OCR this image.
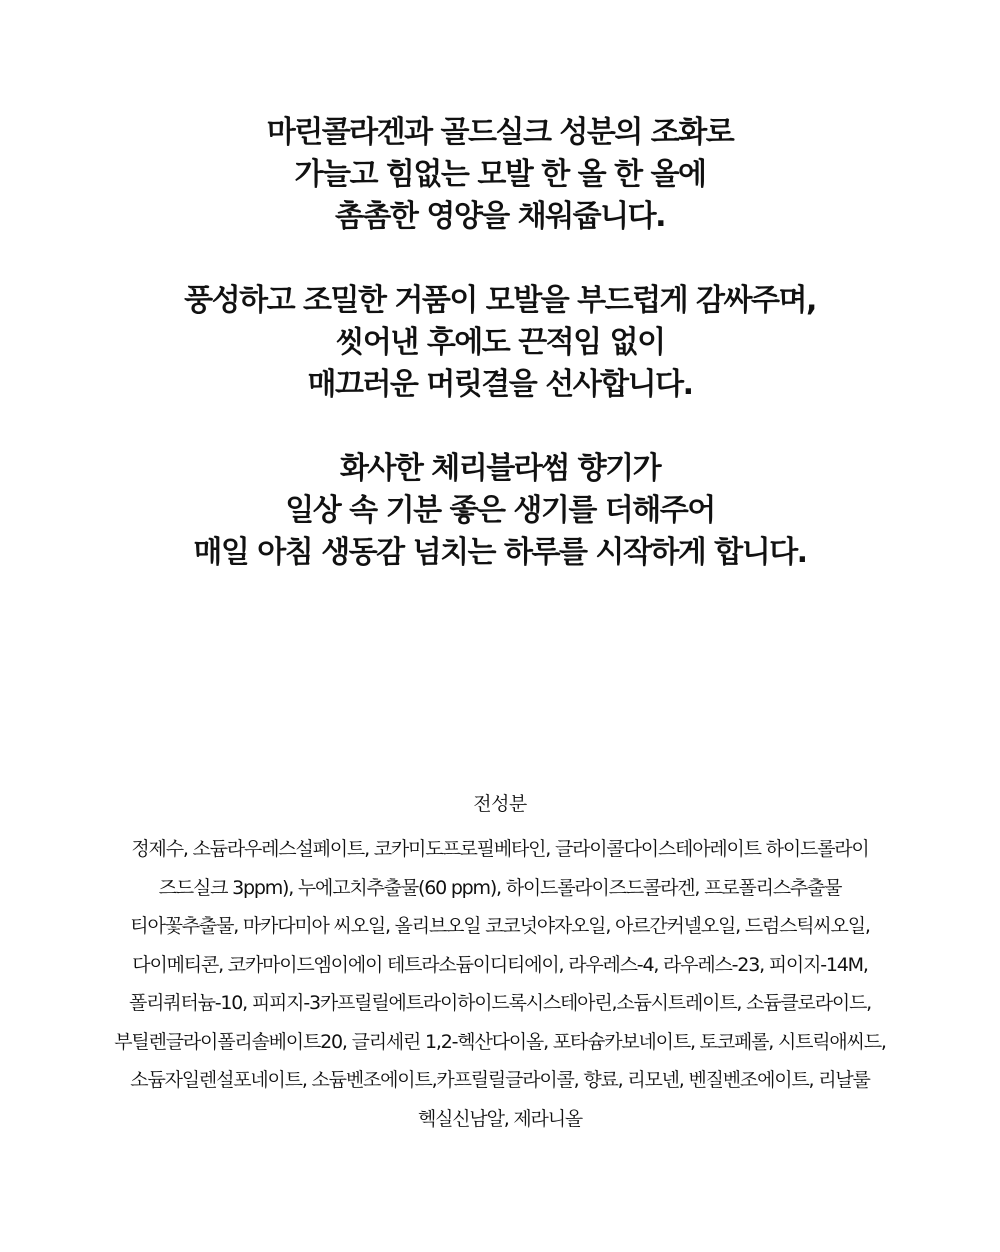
마린콜라겐과 골드실크 성분의 조화로
가늘고 힘없는 모발 한 올 한 올에
촘촘한 영양을 채워줍니다.
풍성하고 조밀한 거품이 모발을 부드럽게 감싸주며,
씻어낸 후에도 끈적임 없이
매끄러운 머릿결을 선사합니다.
화사한 체리블라썸 향기가
일상 속 기분 좋은 생기를 더해주어
매일 아침 생동감 넘치는 하루를 시작하게 합니다.
전성분
정제수, 소듐라우레스설페이트, 코카미도프로필베타인, 글라이콜다이스테아레이트 하이드롤라이
즈드실크 3ppm), 누에고치추출물(60 ppm), 하이드롤라이즈드콜라겐, 프로폴리스추출물
티아꽃추출물, 마카다미아 씨오일, 올리브오일 코코넛야자오일, 아르간커넬오일, 드럼스틱씨오일,
다이메티콘, 코카마이드엠이에이 테트라소듐이디티에이, 라우레스-4, 라우레스-23, 피이지-14M,
폴리쿼터늄-10, 피피지-3카프릴릴에트라이하이드록시스테아린,소듐시트레이트, 소듐클로라이드,
부틸렌글라이폴리솔베이트20, 글리세린 1,2-헥산다이올, 포타슘카보네이트, 토코페롤, 시트릭애씨드,
소듐자일렌설포네이트, 소듐벤조에이트,카프릴릴글라이콜, 향료, 리모넨, 벤질벤조에이트, 리날룰
헥실신남알, 제라니올
